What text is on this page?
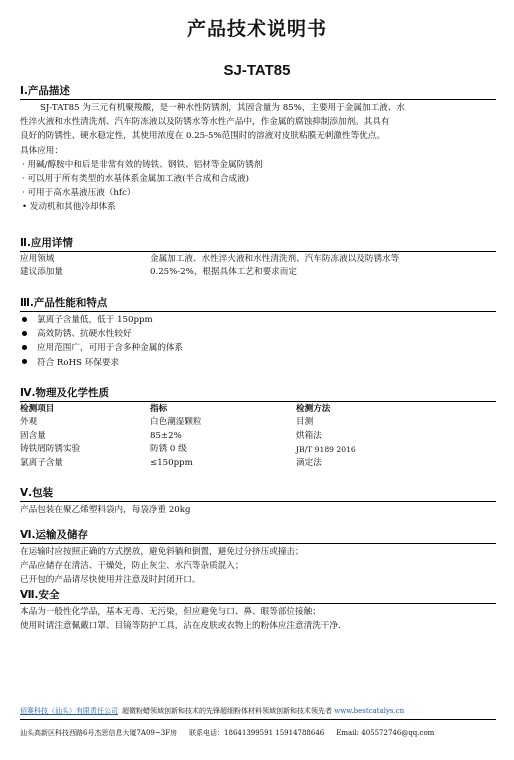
产品技术说明书
SJ-TAT85
Ⅰ.产品描述
SJ-TAT85 为三元有机聚羧酸，是一种水性防锈剂，其固含量为 85%，主要用于金属加工液、水
性淬火液和水性清洗剂、汽车防冻液以及防锈水等水性产品中，作金属的腐蚀抑制添加剂。其具有
良好的防锈性、硬水稳定性，其使用浓度在 0.25-5%范围时的溶液对皮肤粘膜无刺激性等优点。
具体应用：
· 用碱/醇胺中和后是非常有效的铸铁、钢铁、铝材等金属防锈剂
· 可以用于所有类型的水基体系金属加工液(半合成和合成液)
· 可用于高水基液压液（hfc）
• 发动机和其他冷却体系
Ⅱ.应用详情
应用领域	金属加工液、水性淬火液和水性清洗剂、汽车防冻液以及防锈水等
建议添加量	0.25%-2%，根据具体工艺和要求而定
Ⅲ.产品性能和特点
氯离子含量低，低于 150ppm
高效防锈、抗硬水性较好
应用范围广，可用于含多种金属的体系
符合 RoHS 环保要求
Ⅳ.物理及化学性质
检测项目	指标	检测方法
外观	白色潮湿颗粒	目测
固含量	85±2%	烘箱法
铸铁屑防锈实验	防锈 0 级	JB/T 9189 2016
氯离子含量	≤150ppm	滴定法
Ⅴ.包装
产品包装在聚乙烯塑料袋内，每袋净重 20kg
Ⅵ.运输及储存
在运输时应按照正确的方式摆放，避免斜躺和倒置，避免过分挤压或撞击；
产品应储存在清洁、干燥处，防止灰尘、水汽等杂质混入；
已开包的产品请尽快使用并注意及时封闭开口。
Ⅶ.安全
本品为一般性化学品，基本无毒、无污染，但应避免与口、鼻、眼等部位接触；
使用时请注意佩戴口罩、目镜等防护工具，沾在皮肤或衣物上的粉体应注意清洗干净.
佰赛科技（汕头）有限责任公司 超微粉蜡领域创新和技术的先锋超细粉体材料领域创新和技术领先者 www.bestcatalys.cn
汕头高新区科技西路6号杰思信息大厦7A09~3F房 联系电话：18641399591 15914788646 Email: 405572746@qq.com
